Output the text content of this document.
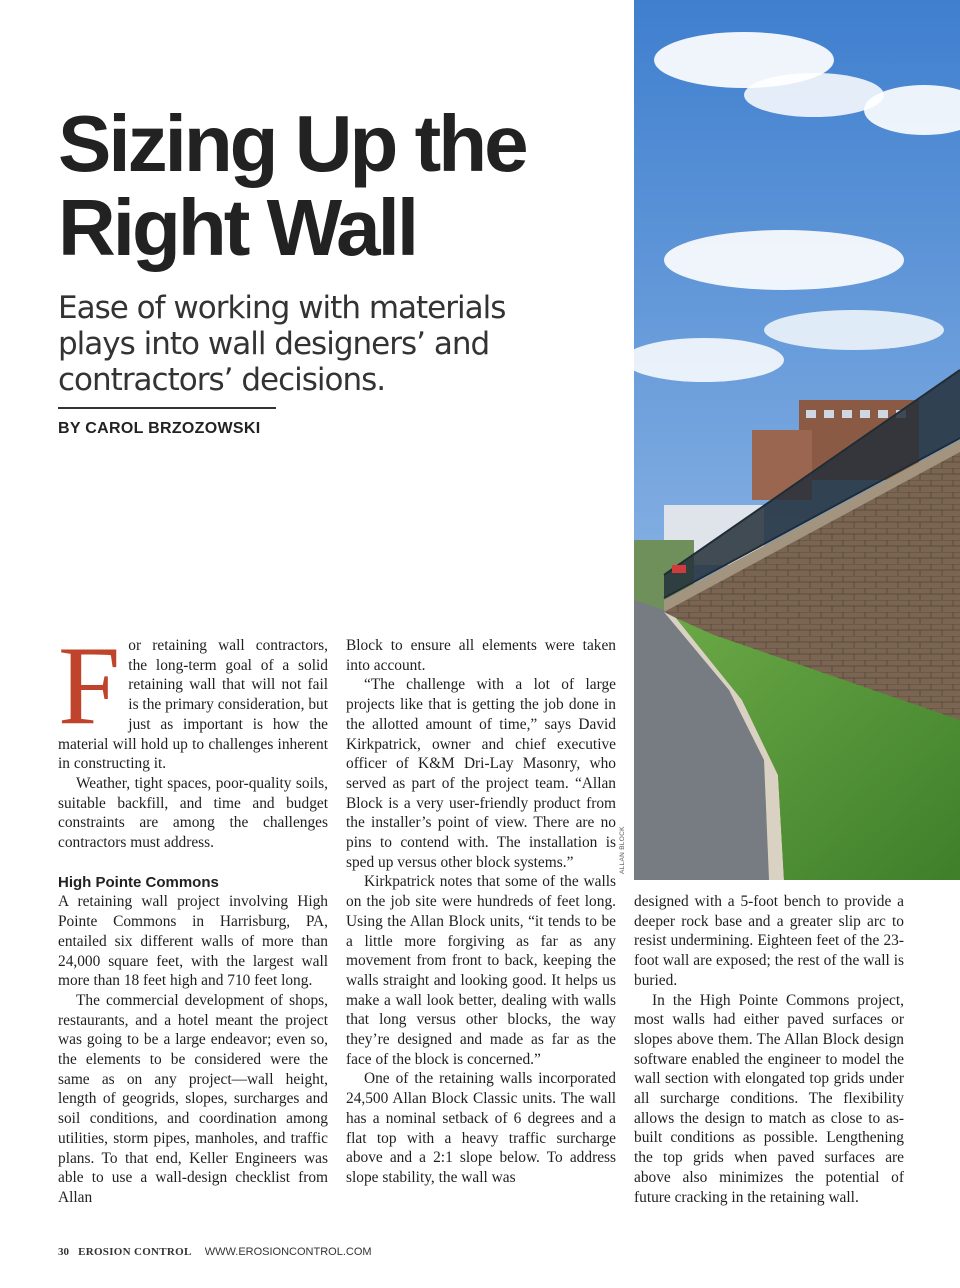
Sizing Up the Right Wall
Ease of working with materials plays into wall designers’ and contractors’ decisions.
BY CAROL BRZOZOWSKI
ALLAN BLOCK

For retaining wall contractors, the long-term goal of a solid retaining wall that will not fail is the primary consideration, but just as important is how the material will hold up to challenges inherent in constructing it.

Weather, tight spaces, poor-quality soils, suitable backfill, and time and budget constraints are among the challenges contractors must address.

High Pointe Commons

A retaining wall project involving High Pointe Commons in Harrisburg, PA, entailed six different walls of more than 24,000 square feet, with the largest wall more than 18 feet high and 710 feet long.

The commercial development of shops, restaurants, and a hotel meant the project was going to be a large endeavor; even so, the elements to be considered were the same as on any project—wall height, length of geogrids, slopes, surcharges and soil conditions, and coordination among utilities, storm pipes, manholes, and traffic plans. To that end, Keller Engineers was able to use a wall-design checklist from Allan

Block to ensure all elements were taken into account.

“The challenge with a lot of large projects like that is getting the job done in the allotted amount of time,” says David Kirkpatrick, owner and chief executive officer of K&M Dri-Lay Masonry, who served as part of the project team. “Allan Block is a very user-friendly product from the installer’s point of view. There are no pins to contend with. The installation is sped up versus other block systems.”

Kirkpatrick notes that some of the walls on the job site were hundreds of feet long. Using the Allan Block units, “it tends to be a little more forgiving as far as any movement from front to back, keeping the walls straight and looking good. It helps us make a wall look better, dealing with walls that long versus other blocks, the way they’re designed and made as far as the face of the block is concerned.”

One of the retaining walls incorporated 24,500 Allan Block Classic units. The wall has a nominal setback of 6 degrees and a flat top with a heavy traffic surcharge above and a 2:1 slope below. To address slope stability, the wall was

designed with a 5-foot bench to provide a deeper rock base and a greater slip arc to resist undermining. Eighteen feet of the 23-foot wall are exposed; the rest of the wall is buried.

In the High Pointe Commons project, most walls had either paved surfaces or slopes above them. The Allan Block design software enabled the engineer to model the wall section with elongated top grids under all surcharge conditions. The flexibility allows the design to match as close to as-built conditions as possible. Lengthening the top grids when paved surfaces are above also minimizes the potential of future cracking in the retaining wall.

30 EROSION CONTROL WWW.EROSIONCONTROL.COM
